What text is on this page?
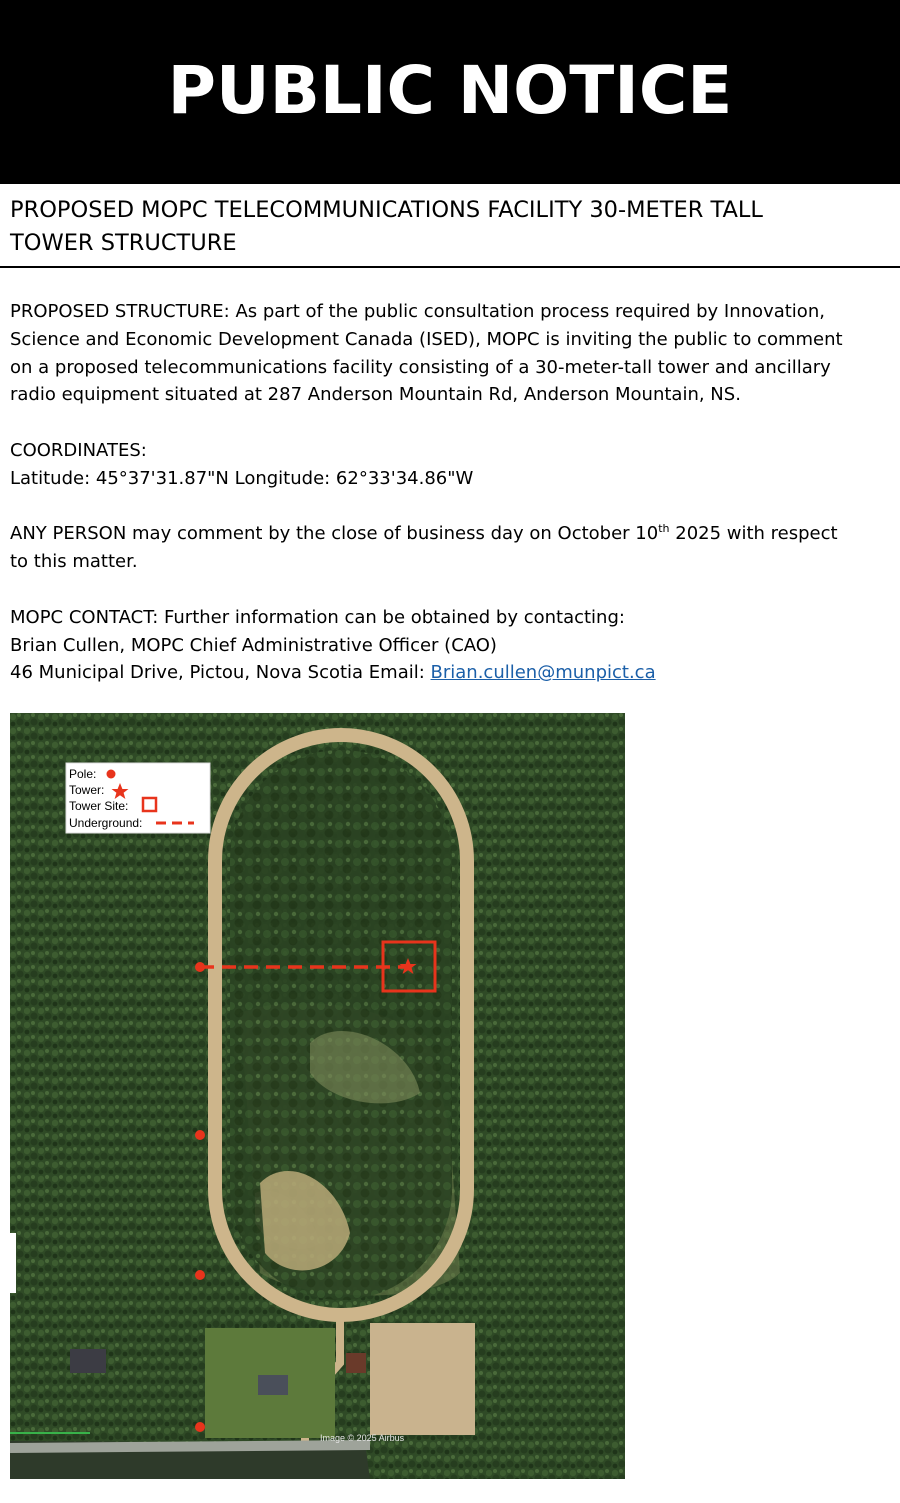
PUBLIC NOTICE
PROPOSED MOPC TELECOMMUNICATIONS FACILITY 30-METER TALL
TOWER STRUCTURE

PROPOSED STRUCTURE: As part of the public consultation process required by Innovation,

Science and Economic Development Canada (ISED), MOPC is inviting the public to comment

on a proposed telecommunications facility consisting of a 30-meter-tall tower and ancillary

radio equipment situated at 287 Anderson Mountain Rd, Anderson Mountain, NS.

COORDINATES:

Latitude: 45°37'31.87"N Longitude: 62°33'34.86"W

ANY PERSON may comment by the close of business day on October 10th 2025 with respect

to this matter.

MOPC CONTACT: Further information can be obtained by contacting:

Brian Cullen, MOPC Chief Administrative Officer (CAO)

46 Municipal Drive, Pictou, Nova Scotia Email: Brian.cullen@munpict.ca

Pole:
Tower:
Tower Site:
Underground:
Image © 2025 Airbus
